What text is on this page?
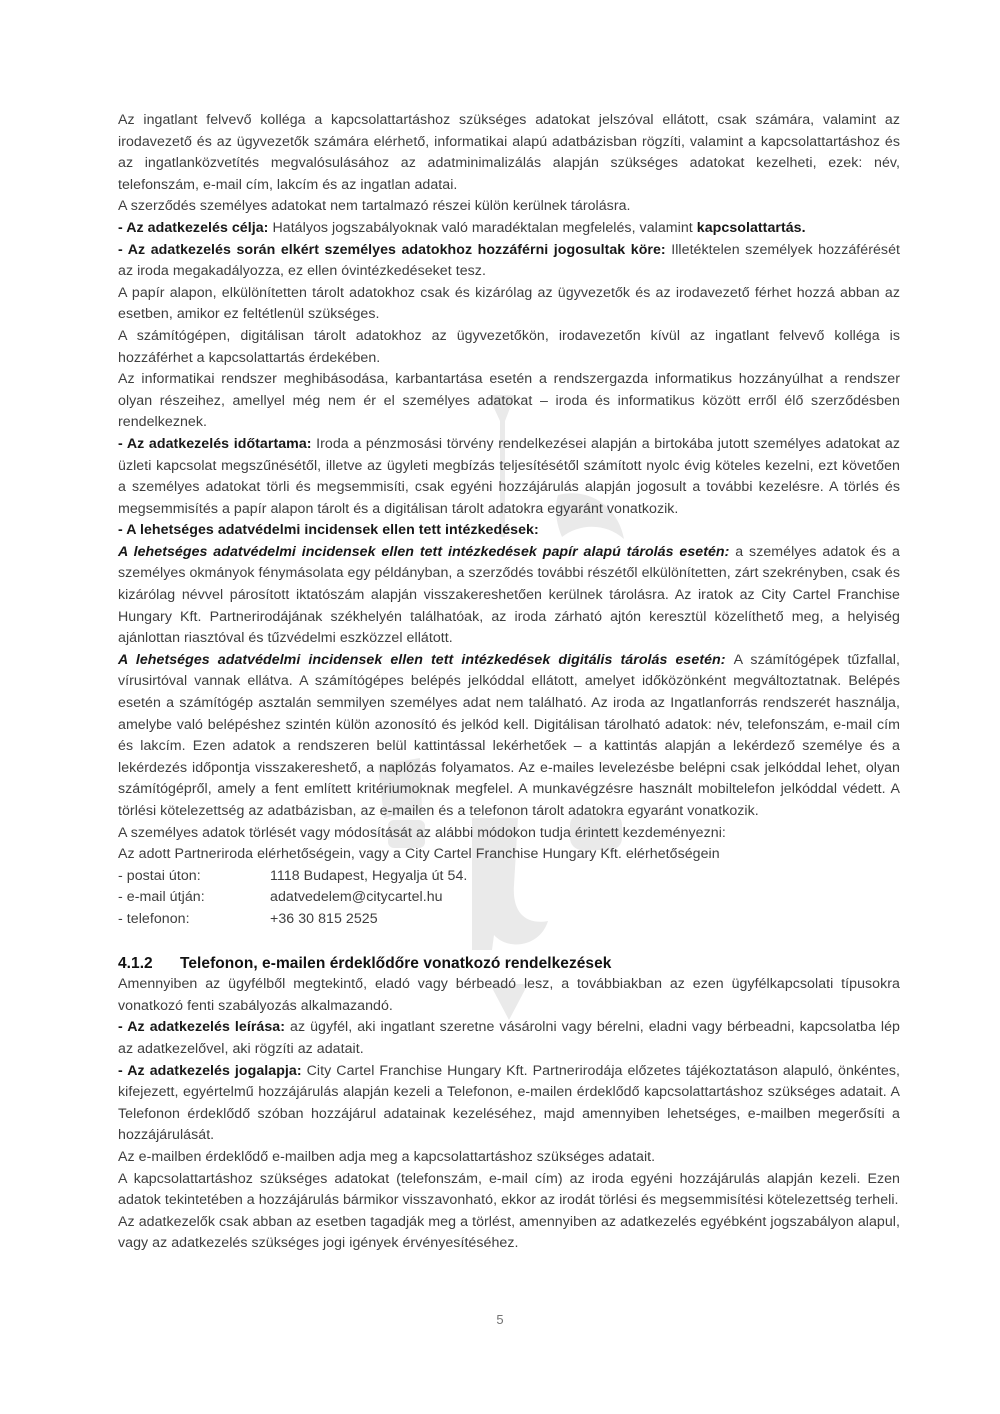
Az ingatlant felvevő kolléga a kapcsolattartáshoz szükséges adatokat jelszóval ellátott, csak számára, valamint az irodavezető és az ügyvezetők számára elérhető, informatikai alapú adatbázisban rögzíti, valamint a kapcsolattartáshoz és az ingatlanközvetítés megvalósulásához az adatminimalizálás alapján szükséges adatokat kezelheti, ezek: név, telefonszám, e-mail cím, lakcím és az ingatlan adatai.

A szerződés személyes adatokat nem tartalmazó részei külön kerülnek tárolásra.

- Az adatkezelés célja: Hatályos jogszabályoknak való maradéktalan megfelelés, valamint kapcsolattartás.

- Az adatkezelés során elkért személyes adatokhoz hozzáférni jogosultak köre: Illetéktelen személyek hozzáférését az iroda megakadályozza, ez ellen óvintézkedéseket tesz.

A papír alapon, elkülönítetten tárolt adatokhoz csak és kizárólag az ügyvezetők és az irodavezető férhet hozzá abban az esetben, amikor ez feltétlenül szükséges.

A számítógépen, digitálisan tárolt adatokhoz az ügyvezetőkön, irodavezetőn kívül az ingatlant felvevő kolléga is hozzáférhet a kapcsolattartás érdekében.

Az informatikai rendszer meghibásodása, karbantartása esetén a rendszergazda informatikus hozzányúlhat a rendszer olyan részeihez, amellyel még nem ér el személyes adatokat – iroda és informatikus között erről élő szerződésben rendelkeznek.

- Az adatkezelés időtartama: Iroda a pénzmosási törvény rendelkezései alapján a birtokába jutott személyes adatokat az üzleti kapcsolat megszűnésétől, illetve az ügyleti megbízás teljesítésétől számított nyolc évig köteles kezelni, ezt követően a személyes adatokat törli és megsemmisíti, csak egyéni hozzájárulás alapján jogosult a további kezelésre. A törlés és megsemmisítés a papír alapon tárolt és a digitálisan tárolt adatokra egyaránt vonatkozik.

- A lehetséges adatvédelmi incidensek ellen tett intézkedések:

A lehetséges adatvédelmi incidensek ellen tett intézkedések papír alapú tárolás esetén: a személyes adatok és a személyes okmányok fénymásolata egy példányban, a szerződés további részétől elkülönítetten, zárt szekrényben, csak és kizárólag névvel párosított iktatószám alapján visszakereshetően kerülnek tárolásra. Az iratok az City Cartel Franchise Hungary Kft. Partnerirodájának székhelyén találhatóak, az iroda zárható ajtón keresztül közelíthető meg, a helyiség ajánlottan riasztóval és tűzvédelmi eszközzel ellátott.

A lehetséges adatvédelmi incidensek ellen tett intézkedések digitális tárolás esetén: A számítógépek tűzfallal, vírusirtóval vannak ellátva. A számítógépes belépés jelkóddal ellátott, amelyet időközönként megváltoztatnak. Belépés esetén a számítógép asztalán semmilyen személyes adat nem található. Az iroda az Ingatlanforrás rendszerét használja, amelybe való belépéshez szintén külön azonosító és jelkód kell. Digitálisan tárolható adatok: név, telefonszám, e-mail cím és lakcím. Ezen adatok a rendszeren belül kattintással lekérhetőek – a kattintás alapján a lekérdező személye és a lekérdezés időpontja visszakereshető, a naplózás folyamatos. Az e-mailes levelezésbe belépni csak jelkóddal lehet, olyan számítógépről, amely a fent említett kritériumoknak megfelel. A munkavégzésre használt mobiltelefon jelkóddal védett. A törlési kötelezettség az adatbázisban, az e-mailen és a telefonon tárolt adatokra egyaránt vonatkozik.

A személyes adatok törlését vagy módosítását az alábbi módokon tudja érintett kezdeményezni:

Az adott Partneriroda elérhetőségein, vagy a City Cartel Franchise Hungary Kft. elérhetőségein

- postai úton:	1118 Budapest, Hegyalja út 54.
- e-mail útján:	adatvedelem@citycartel.hu
- telefonon:	+36 30 815 2525
4.1.2	Telefonon, e-mailen érdeklődőre vonatkozó rendelkezések

Amennyiben az ügyfélből megtekintő, eladó vagy bérbeadó lesz, a továbbiakban az ezen ügyfélkapcsolati típusokra vonatkozó fenti szabályozás alkalmazandó.

- Az adatkezelés leírása: az ügyfél, aki ingatlant szeretne vásárolni vagy bérelni, eladni vagy bérbeadni, kapcsolatba lép az adatkezelővel, aki rögzíti az adatait.

- Az adatkezelés jogalapja: City Cartel Franchise Hungary Kft. Partnerirodája előzetes tájékoztatáson alapuló, önkéntes, kifejezett, egyértelmű hozzájárulás alapján kezeli a Telefonon, e-mailen érdeklődő kapcsolattartáshoz szükséges adatait. A Telefonon érdeklődő szóban hozzájárul adatainak kezeléséhez, majd amennyiben lehetséges, e-mailben megerősíti a hozzájárulását.

Az e-mailben érdeklődő e-mailben adja meg a kapcsolattartáshoz szükséges adatait.

A kapcsolattartáshoz szükséges adatokat (telefonszám, e-mail cím) az iroda egyéni hozzájárulás alapján kezeli. Ezen adatok tekintetében a hozzájárulás bármikor visszavonható, ekkor az irodát törlési és megsemmisítési kötelezettség terheli.

Az adatkezelők csak abban az esetben tagadják meg a törlést, amennyiben az adatkezelés egyébként jogszabályon alapul, vagy az adatkezelés szükséges jogi igények érvényesítéséhez.

5
